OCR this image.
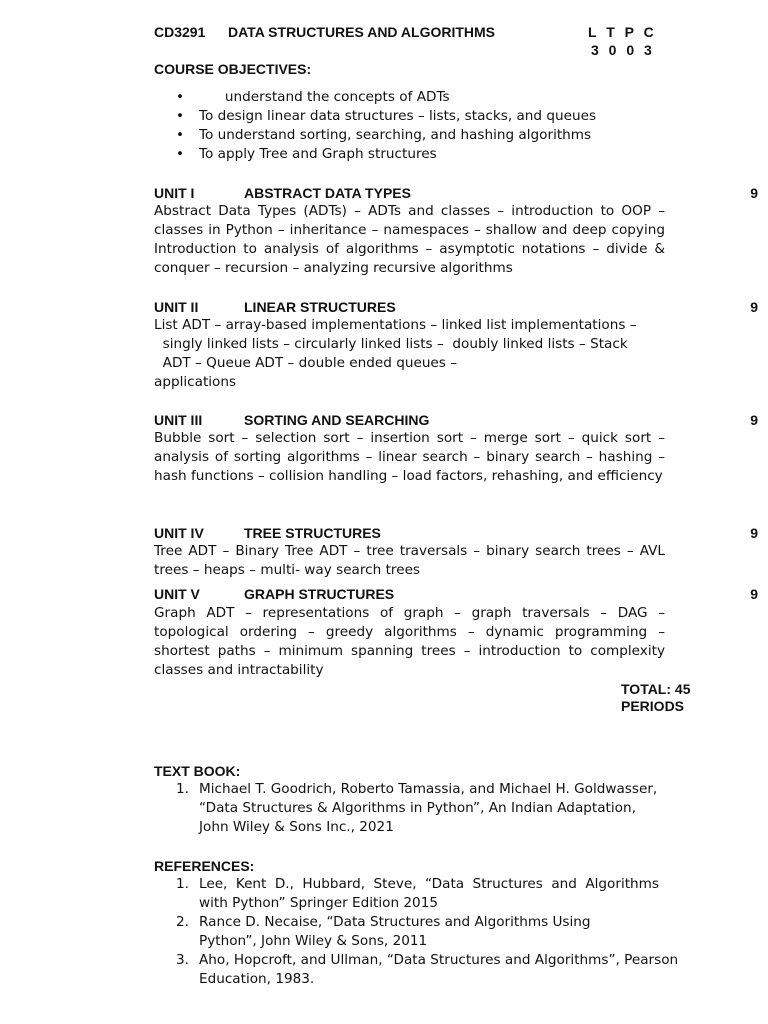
CD3291 DATA STRUCTURES AND ALGORITHMS	L T P C
3 0 0 3
COURSE OBJECTIVES:
• understand the concepts of ADTs
• To design linear data structures – lists, stacks, and queues
• To understand sorting, searching, and hashing algorithms
• To apply Tree and Graph structures
UNIT I	ABSTRACT DATA TYPES	9
Abstract Data Types (ADTs) – ADTs and classes – introduction to OOP – classes in Python – inheritance – namespaces – shallow and deep copying Introduction to analysis of algorithms – asymptotic notations – divide & conquer – recursion – analyzing recursive algorithms
UNIT II	LINEAR STRUCTURES	9
List ADT – array-based implementations – linked list implementations –
singly linked lists – circularly linked lists –  doubly linked lists – Stack
ADT – Queue ADT – double ended queues –
applications
UNIT III	SORTING AND SEARCHING	9
Bubble sort – selection sort – insertion sort – merge sort – quick sort – analysis of sorting algorithms – linear search – binary search – hashing – hash functions – collision handling – load factors, rehashing, and efficiency
UNIT IV	TREE STRUCTURES	9
Tree ADT – Binary Tree ADT – tree traversals – binary search trees – AVL trees – heaps – multi- way search trees
UNIT V	GRAPH STRUCTURES	9
Graph ADT – representations of graph – graph traversals – DAG – topological ordering – greedy algorithms – dynamic programming – shortest paths – minimum spanning trees – introduction to complexity classes and intractability
TOTAL: 45
PERIODS
TEXT BOOK:
1. Michael T. Goodrich, Roberto Tamassia, and Michael H. Goldwasser, “Data Structures & Algorithms in Python”, An Indian Adaptation, John Wiley & Sons Inc., 2021
REFERENCES:
1. Lee, Kent D., Hubbard, Steve, “Data Structures and Algorithms with Python” Springer Edition 2015
2. Rance D. Necaise, “Data Structures and Algorithms Using Python”, John Wiley & Sons, 2011
3. Aho, Hopcroft, and Ullman, “Data Structures and Algorithms”, Pearson Education, 1983.
